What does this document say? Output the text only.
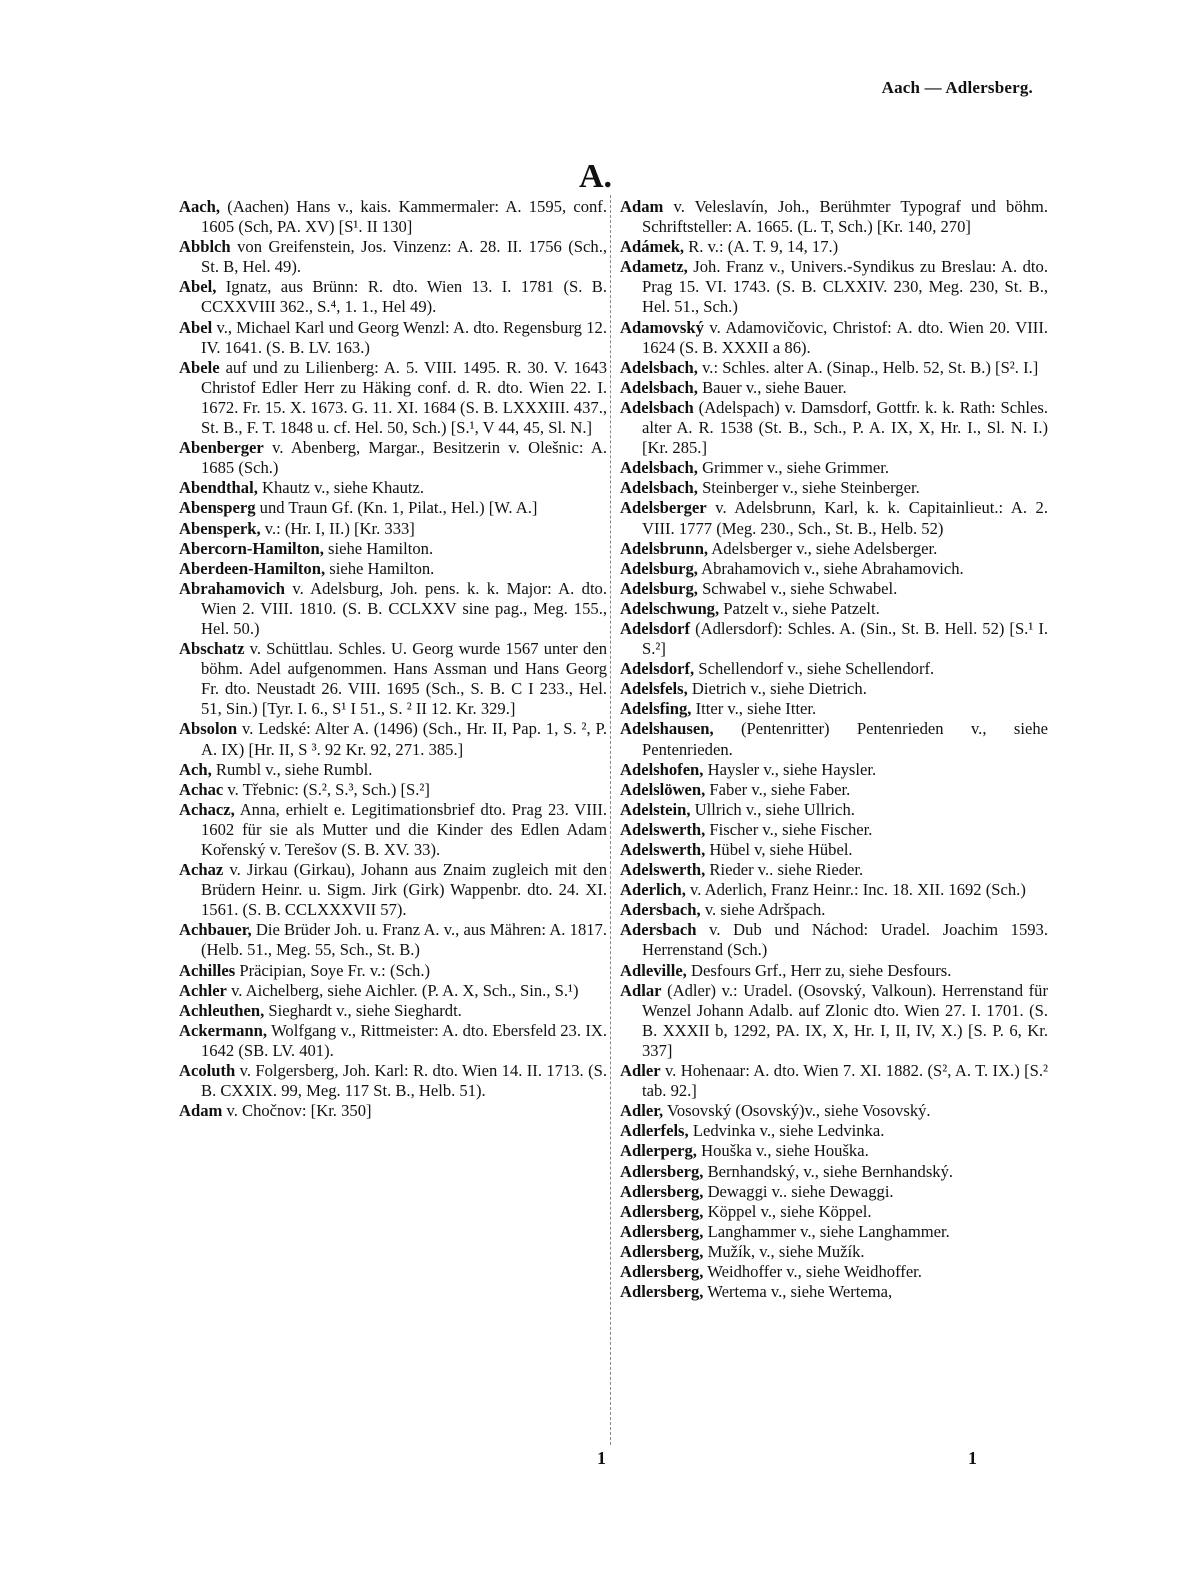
Aach — Adlersberg.
A.

Aach, (Aachen) Hans v., kais. Kammermaler: A. 1595, conf. 1605 (Sch, PA. XV) [S¹. II 130]

Abblch von Greifenstein, Jos. Vinzenz: A. 28. II. 1756 (Sch., St. B, Hel. 49).

Abel, Ignatz, aus Brünn: R. dto. Wien 13. I. 1781 (S. B. CCXXVIII 362., S.⁴, 1. 1., Hel 49).

Abel v., Michael Karl und Georg Wenzl: A. dto. Regensburg 12. IV. 1641. (S. B. LV. 163.)

Abele auf und zu Lilienberg: A. 5. VIII. 1495. R. 30. V. 1643 Christof Edler Herr zu Häking conf. d. R. dto. Wien 22. I. 1672. Fr. 15. X. 1673. G. 11. XI. 1684 (S. B. LXXXIII. 437., St. B., F. T. 1848 u. cf. Hel. 50, Sch.) [S.¹, V 44, 45, Sl. N.]

Abenberger v. Abenberg, Margar., Besitzerin v. Olešnic: A. 1685 (Sch.)

Abendthal, Khautz v., siehe Khautz.

Abensperg und Traun Gf. (Kn. 1, Pilat., Hel.) [W. A.]

Abensperk, v.: (Hr. I, II.) [Kr. 333]

Abercorn-Hamilton, siehe Hamilton.

Aberdeen-Hamilton, siehe Hamilton.

Abrahamovich v. Adelsburg, Joh. pens. k. k. Major: A. dto. Wien 2. VIII. 1810. (S. B. CCLXXV sine pag., Meg. 155., Hel. 50.)

Abschatz v. Schüttlau. Schles. U. Georg wurde 1567 unter den böhm. Adel aufgenommen. Hans Assman und Hans Georg Fr. dto. Neustadt 26. VIII. 1695 (Sch., S. B. C I 233., Hel. 51, Sin.) [Tyr. I. 6., S¹ I 51., S. ² II 12. Kr. 329.]

Absolon v. Ledské: Alter A. (1496) (Sch., Hr. II, Pap. 1, S. ², P. A. IX) [Hr. II, S ³. 92 Kr. 92, 271. 385.]

Ach, Rumbl v., siehe Rumbl.

Achac v. Třebnic: (S.², S.³, Sch.) [S.²]

Achacz, Anna, erhielt e. Legitimationsbrief dto. Prag 23. VIII. 1602 für sie als Mutter und die Kinder des Edlen Adam Kořenský v. Terešov (S. B. XV. 33).

Achaz v. Jirkau (Girkau), Johann aus Znaim zugleich mit den Brüdern Heinr. u. Sigm. Jirk (Girk) Wappenbr. dto. 24. XI. 1561. (S. B. CCLXXXVII 57).

Achbauer, Die Brüder Joh. u. Franz A. v., aus Mähren: A. 1817. (Helb. 51., Meg. 55, Sch., St. B.)

Achilles Präcipian, Soye Fr. v.: (Sch.)

Achler v. Aichelberg, siehe Aichler. (P. A. X, Sch., Sin., S.¹)

Achleuthen, Sieghardt v., siehe Sieghardt.

Ackermann, Wolfgang v., Rittmeister: A. dto. Ebersfeld 23. IX. 1642 (SB. LV. 401).

Acoluth v. Folgersberg, Joh. Karl: R. dto. Wien 14. II. 1713. (S. B. CXXIX. 99, Meg. 117 St. B., Helb. 51).

Adam v. Chočnov: [Kr. 350]

Adam v. Veleslavín, Joh., Berühmter Typograf und böhm. Schriftsteller: A. 1665. (L. T, Sch.) [Kr. 140, 270]

Adámek, R. v.: (A. T. 9, 14, 17.)

Adametz, Joh. Franz v., Univers.-Syndikus zu Breslau: A. dto. Prag 15. VI. 1743. (S. B. CLXXIV. 230, Meg. 230, St. B., Hel. 51., Sch.)

Adamovský v. Adamovičovic, Christof: A. dto. Wien 20. VIII. 1624 (S. B. XXXII a 86).

Adelsbach, v.: Schles. alter A. (Sinap., Helb. 52, St. B.) [S². I.]

Adelsbach, Bauer v., siehe Bauer.

Adelsbach (Adelspach) v. Damsdorf, Gottfr. k. k. Rath: Schles. alter A. R. 1538 (St. B., Sch., P. A. IX, X, Hr. I., Sl. N. I.) [Kr. 285.]

Adelsbach, Grimmer v., siehe Grimmer.

Adelsbach, Steinberger v., siehe Steinberger.

Adelsberger v. Adelsbrunn, Karl, k. k. Capitainlieut.: A. 2. VIII. 1777 (Meg. 230., Sch., St. B., Helb. 52)

Adelsbrunn, Adelsberger v., siehe Adelsberger.

Adelsburg, Abrahamovich v., siehe Abrahamovich.

Adelsburg, Schwabel v., siehe Schwabel.

Adelschwung, Patzelt v., siehe Patzelt.

Adelsdorf (Adlersdorf): Schles. A. (Sin., St. B. Hell. 52) [S.¹ I. S.²]

Adelsdorf, Schellendorf v., siehe Schellendorf.

Adelsfels, Dietrich v., siehe Dietrich.

Adelsfing, Itter v., siehe Itter.

Adelshausen, (Pentenritter) Pentenrieden v., siehe Pentenrieden.

Adelshofen, Haysler v., siehe Haysler.

Adelslöwen, Faber v., siehe Faber.

Adelstein, Ullrich v., siehe Ullrich.

Adelswerth, Fischer v., siehe Fischer.

Adelswerth, Hübel v, siehe Hübel.

Adelswerth, Rieder v.. siehe Rieder.

Aderlich, v. Aderlich, Franz Heinr.: Inc. 18. XII. 1692 (Sch.)

Adersbach, v. siehe Adršpach.

Adersbach v. Dub und Náchod: Uradel. Joachim 1593. Herrenstand (Sch.)

Adleville, Desfours Grf., Herr zu, siehe Desfours.

Adlar (Adler) v.: Uradel. (Osovský, Valkoun). Herrenstand für Wenzel Johann Adalb. auf Zlonic dto. Wien 27. I. 1701. (S. B. XXXII b, 1292, PA. IX, X, Hr. I, II, IV, X.) [S. P. 6, Kr. 337]

Adler v. Hohenaar: A. dto. Wien 7. XI. 1882. (S², A. T. IX.) [S.² tab. 92.]

Adler, Vosovský (Osovský)v., siehe Vosovský.

Adlerfels, Ledvinka v., siehe Ledvinka.

Adlerperg, Houška v., siehe Houška.

Adlersberg, Bernhandský, v., siehe Bernhandský.

Adlersberg, Dewaggi v.. siehe Dewaggi.

Adlersberg, Köppel v., siehe Köppel.

Adlersberg, Langhammer v., siehe Langhammer.

Adlersberg, Mužík, v., siehe Mužík.

Adlersberg, Weidhoffer v., siehe Weidhoffer.

Adlersberg, Wertema v., siehe Wertema,

1	1
